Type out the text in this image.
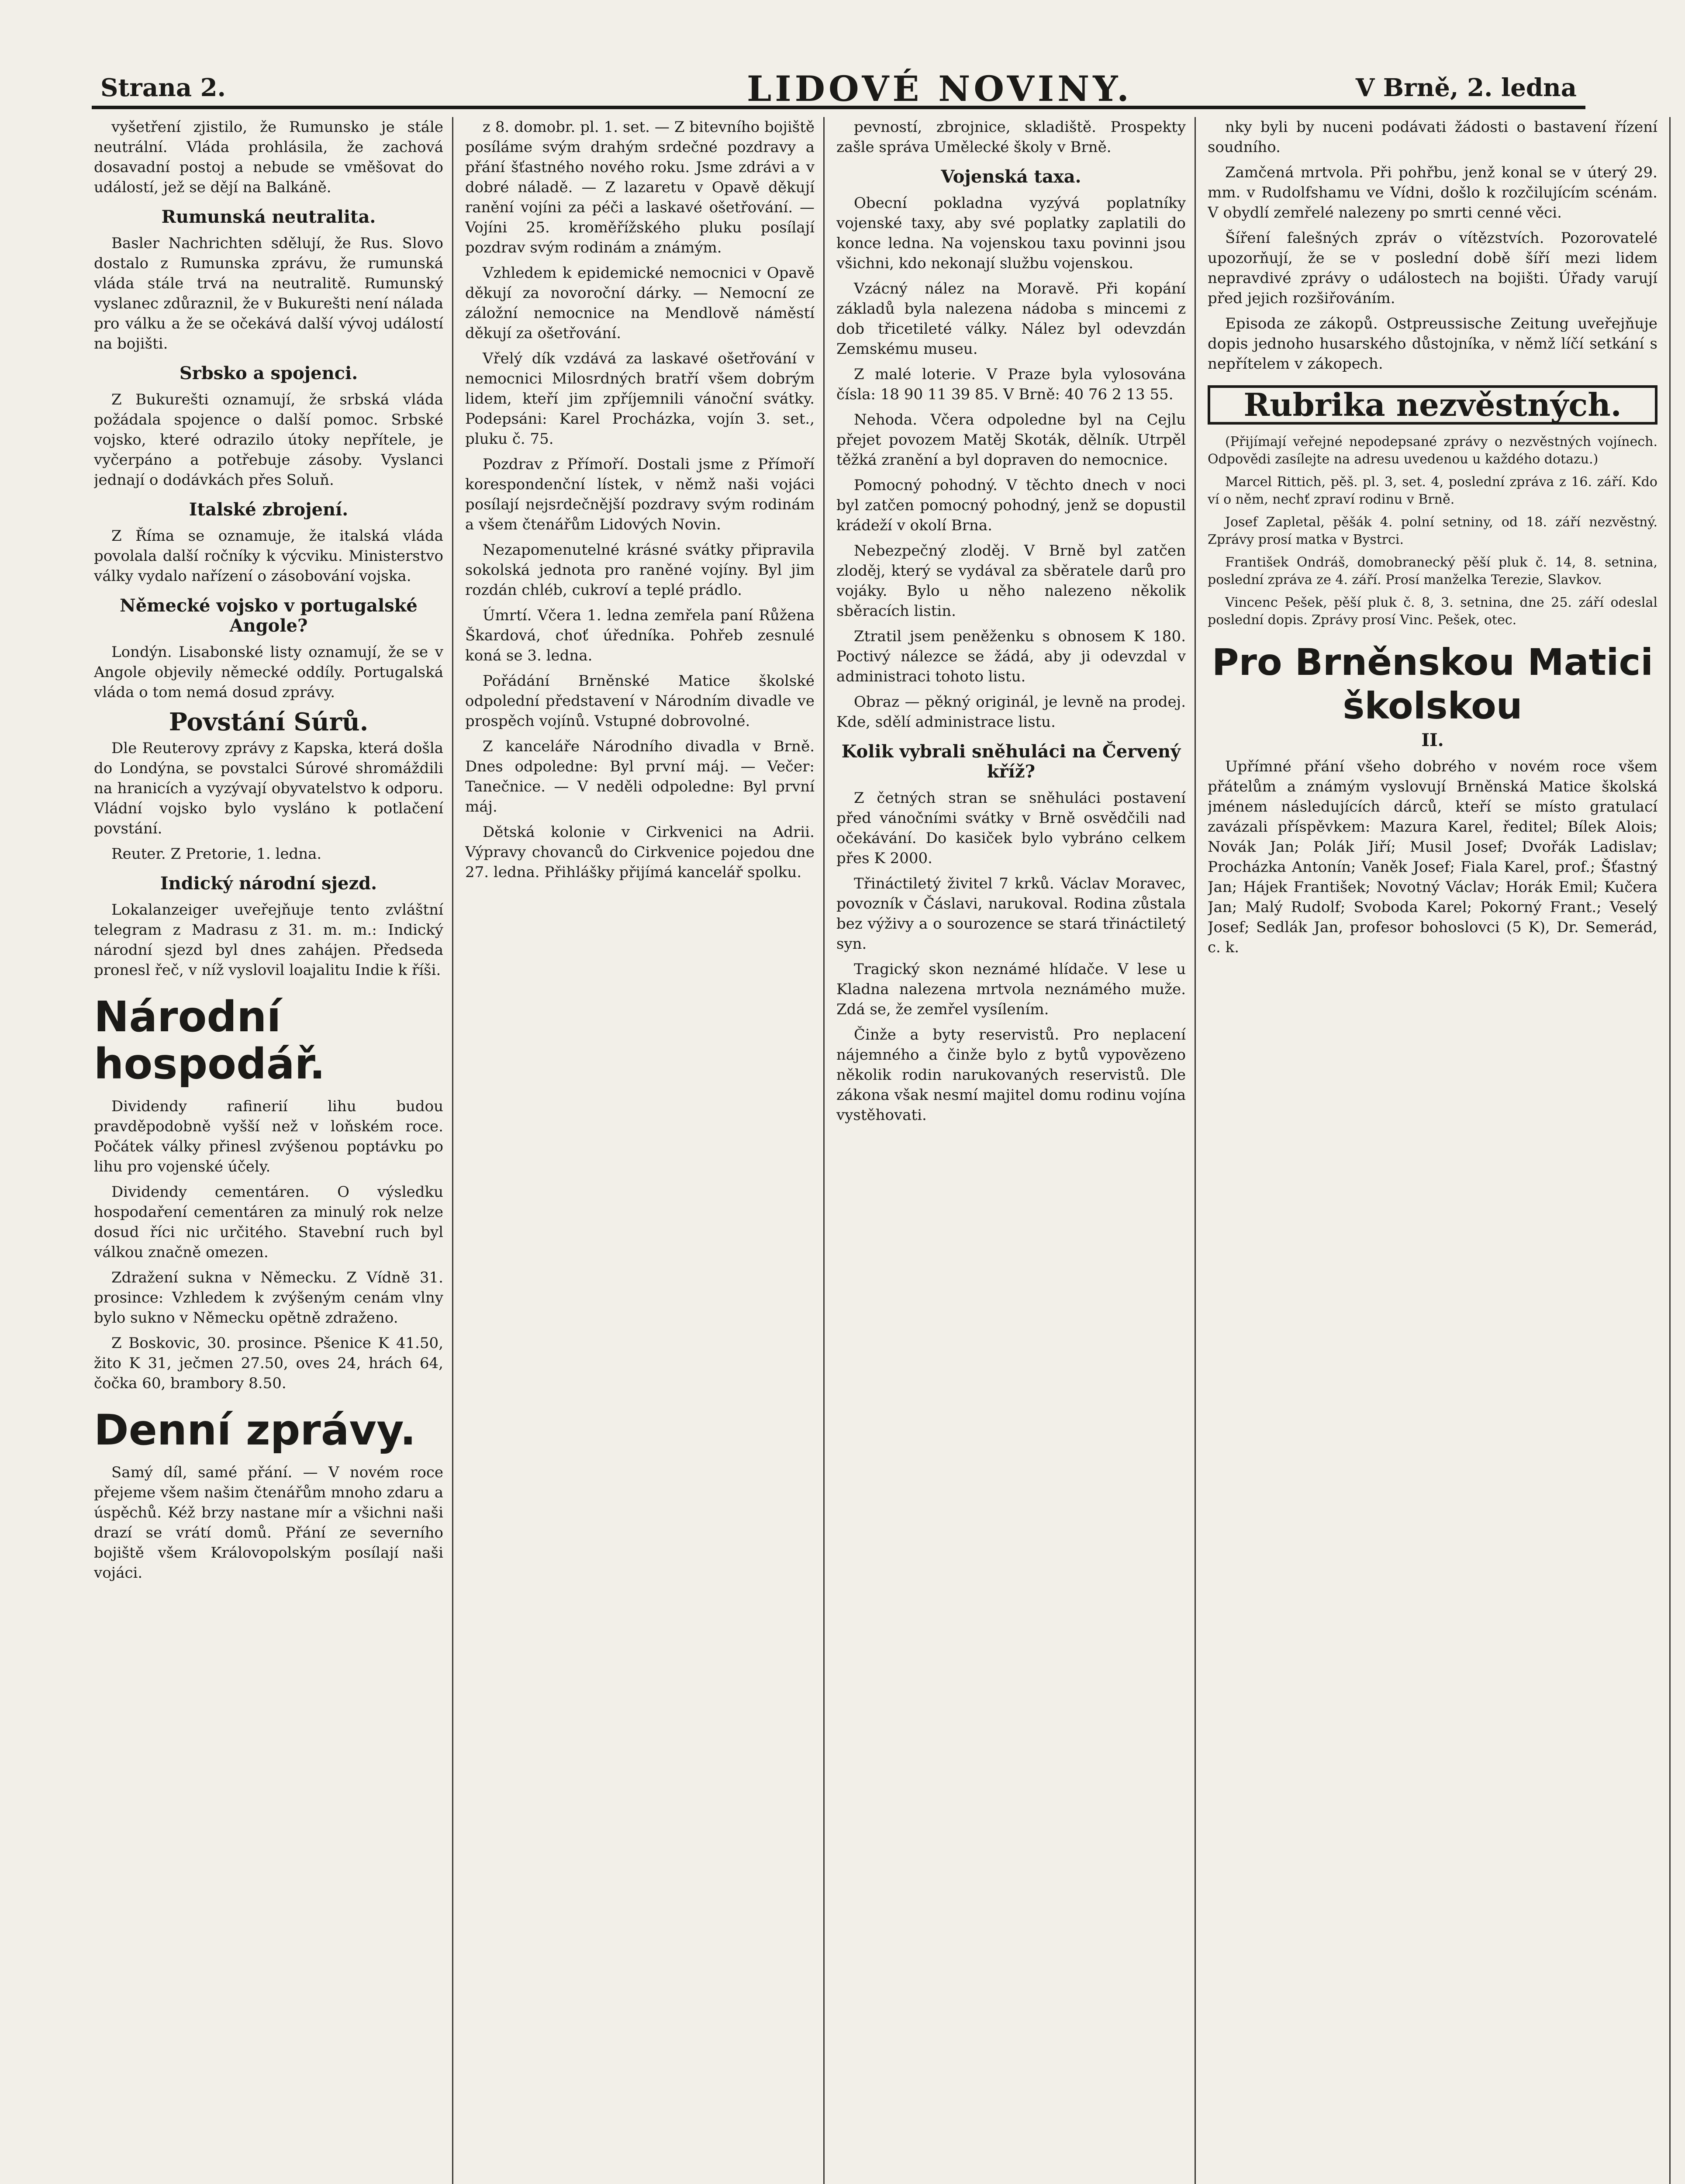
Strana 2.	LIDOVÉ NOVINY.	V Brně, 2. ledna

vyšetření zjistilo, že Rumunsko je stále neutrální. Vláda prohlásila, že zachová dosavadní postoj a nebude se vměšovat do událostí, jež se dějí na Balkáně.

Rumunská neutralita.

Basler Nachrichten sdělují, že Rus. Slovo dostalo z Rumunska zprávu, že rumunská vláda stále trvá na neutralitě. Rumunský vyslanec zdůraznil, že v Bukurešti není nálada pro válku a že se očekává další vývoj událostí na bojišti.

Srbsko a spojenci.

Z Bukurešti oznamují, že srbská vláda požádala spojence o další pomoc. Srbské vojsko, které odrazilo útoky nepřítele, je vyčerpáno a potřebuje zásoby. Vyslanci jednají o dodávkách přes Soluň.

Italské zbrojení.

Z Říma se oznamuje, že italská vláda povolala další ročníky k výcviku. Ministerstvo války vydalo nařízení o zásobování vojska.

Německé vojsko v portugalské Angole?

Londýn. Lisabonské listy oznamují, že se v Angole objevily německé oddíly. Portugalská vláda o tom nemá dosud zprávy.

Povstání Súrů.

Dle Reuterovy zprávy z Kapska, která došla do Londýna, se povstalci Súrové shromáždili na hranicích a vyzývají obyvatelstvo k odporu. Vládní vojsko bylo vysláno k potlačení povstání.

Reuter. Z Pretorie, 1. ledna.

Indický národní sjezd.

Lokalanzeiger uveřejňuje tento zvláštní telegram z Madrasu z 31. m. m.: Indický národní sjezd byl dnes zahájen. Předseda pronesl řeč, v níž vyslovil loajalitu Indie k říši.

Národní hospodář.

Dividendy rafinerií lihu budou pravděpodobně vyšší než v loňském roce. Počátek války přinesl zvýšenou poptávku po lihu pro vojenské účely.

Dividendy cementáren. O výsledku hospodaření cementáren za minulý rok nelze dosud říci nic určitého. Stavební ruch byl válkou značně omezen.

Zdražení sukna v Německu. Z Vídně 31. prosince: Vzhledem k zvýšeným cenám vlny bylo sukno v Německu opětně zdraženo.

Z Boskovic, 30. prosince. Pšenice K 41.50, žito K 31, ječmen 27.50, oves 24, hrách 64, čočka 60, brambory 8.50.

Denní zprávy.

Samý díl, samé přání. — V novém roce přejeme všem našim čtenářům mnoho zdaru a úspěchů. Kéž brzy nastane mír a všichni naši drazí se vrátí domů. Přání ze severního bojiště všem Královopolským posílají naši vojáci.

z 8. domobr. pl. 1. set. — Z bitevního bojiště posíláme svým drahým srdečné pozdravy a přání šťastného nového roku. Jsme zdrávi a v dobré náladě. — Z lazaretu v Opavě děkují ranění vojíni za péči a laskavé ošetřování. — Vojíni 25. kroměřížského pluku posílají pozdrav svým rodinám a známým.

Vzhledem k epidemické nemocnici v Opavě děkují za novoroční dárky. — Nemocní ze záložní nemocnice na Mendlově náměstí děkují za ošetřování.

Vřelý dík vzdává za laskavé ošetřování v nemocnici Milosrdných bratří všem dobrým lidem, kteří jim zpříjemnili vánoční svátky. Podepsáni: Karel Procházka, vojín 3. set., pluku č. 75.

Pozdrav z Přímoří. Dostali jsme z Přímoří korespondenční lístek, v němž naši vojáci posílají nejsrdečnější pozdravy svým rodinám a všem čtenářům Lidových Novin.

Nezapomenutelné krásné svátky připravila sokolská jednota pro raněné vojíny. Byl jim rozdán chléb, cukroví a teplé prádlo.

Úmrtí. Včera 1. ledna zemřela paní Růžena Škardová, choť úředníka. Pohřeb zesnulé koná se 3. ledna.

Pořádání Brněnské Matice školské odpolední představení v Národním divadle ve prospěch vojínů. Vstupné dobrovolné.

Z kanceláře Národního divadla v Brně. Dnes odpoledne: Byl první máj. — Večer: Tanečnice. — V neděli odpoledne: Byl první máj.

Dětská kolonie v Cirkvenici na Adrii. Výpravy chovanců do Cirkvenice pojedou dne 27. ledna. Přihlášky přijímá kancelář spolku.

pevností, zbrojnice, skladiště. Prospekty zašle správa Umělecké školy v Brně.

Vojenská taxa.

Obecní pokladna vyzývá poplatníky vojenské taxy, aby své poplatky zaplatili do konce ledna. Na vojenskou taxu povinni jsou všichni, kdo nekonají službu vojenskou.

Vzácný nález na Moravě. Při kopání základů byla nalezena nádoba s mincemi z dob třicetileté války. Nález byl odevzdán Zemskému museu.

Z malé loterie. V Praze byla vylosována čísla: 18 90 11 39 85. V Brně: 40 76 2 13 55.

Nehoda. Včera odpoledne byl na Cejlu přejet povozem Matěj Skoták, dělník. Utrpěl těžká zranění a byl dopraven do nemocnice.

Pomocný pohodný. V těchto dnech v noci byl zatčen pomocný pohodný, jenž se dopustil krádeží v okolí Brna.

Nebezpečný zloděj. V Brně byl zatčen zloděj, který se vydával za sběratele darů pro vojáky. Bylo u něho nalezeno několik sběracích listin.

Ztratil jsem peněženku s obnosem K 180. Poctivý nálezce se žádá, aby ji odevzdal v administraci tohoto listu.

Obraz — pěkný originál, je levně na prodej. Kde, sdělí administrace listu.

Kolik vybrali sněhuláci na Červený kříž?

Z četných stran se sněhuláci postavení před vánočními svátky v Brně osvědčili nad očekávání. Do kasiček bylo vybráno celkem přes K 2000.

Třináctiletý živitel 7 krků. Václav Moravec, povozník v Čáslavi, narukoval. Rodina zůstala bez výživy a o sourozence se stará třináctiletý syn.

Tragický skon neznámé hlídače. V lese u Kladna nalezena mrtvola neznámého muže. Zdá se, že zemřel vysílením.

Činže a byty reservistů. Pro neplacení nájemného a činže bylo z bytů vypovězeno několik rodin narukovaných reservistů. Dle zákona však nesmí majitel domu rodinu vojína vystěhovati.

nky byli by nuceni podávati žádosti o bastavení řízení soudního.

Zamčená mrtvola. Při pohřbu, jenž konal se v úterý 29. mm. v Rudolfshamu ve Vídni, došlo k rozčilujícím scénám. V obydlí zemřelé nalezeny po smrti cenné věci.

Šíření falešných zpráv o vítězstvích. Pozorovatelé upozorňují, že se v poslední době šíří mezi lidem nepravdivé zprávy o událostech na bojišti. Úřady varují před jejich rozšiřováním.

Episoda ze zákopů. Ostpreussische Zeitung uveřejňuje dopis jednoho husarského důstojníka, v němž líčí setkání s nepřítelem v zákopech.

Rubrika nezvěstných.

(Přijímají veřejné nepodepsané zprávy o nezvěstných vojínech. Odpovědi zasílejte na adresu uvedenou u každého dotazu.)

Marcel Rittich, pěš. pl. 3, set. 4, poslední zpráva z 16. září. Kdo ví o něm, nechť zpraví rodinu v Brně.

Josef Zapletal, pěšák 4. polní setniny, od 18. září nezvěstný. Zprávy prosí matka v Bystrci.

František Ondráš, domobranecký pěší pluk č. 14, 8. setnina, poslední zpráva ze 4. září. Prosí manželka Terezie, Slavkov.

Vincenc Pešek, pěší pluk č. 8, 3. setnina, dne 25. září odeslal poslední dopis. Zprávy prosí Vinc. Pešek, otec.

Pro Brněnskou Matici školskou
II.

Upřímné přání všeho dobrého v novém roce všem přátelům a známým vyslovují Brněnská Matice školská jménem následujících dárců, kteří se místo gratulací zavázali příspěvkem: Mazura Karel, ředitel; Bílek Alois; Novák Jan; Polák Jiří; Musil Josef; Dvořák Ladislav; Procházka Antonín; Vaněk Josef; Fiala Karel, prof.; Šťastný Jan; Hájek František; Novotný Václav; Horák Emil; Kučera Jan; Malý Rudolf; Svoboda Karel; Pokorný Frant.; Veselý Josef; Sedlák Jan, profesor bohoslovci (5 K), Dr. Semerád, c. k.
